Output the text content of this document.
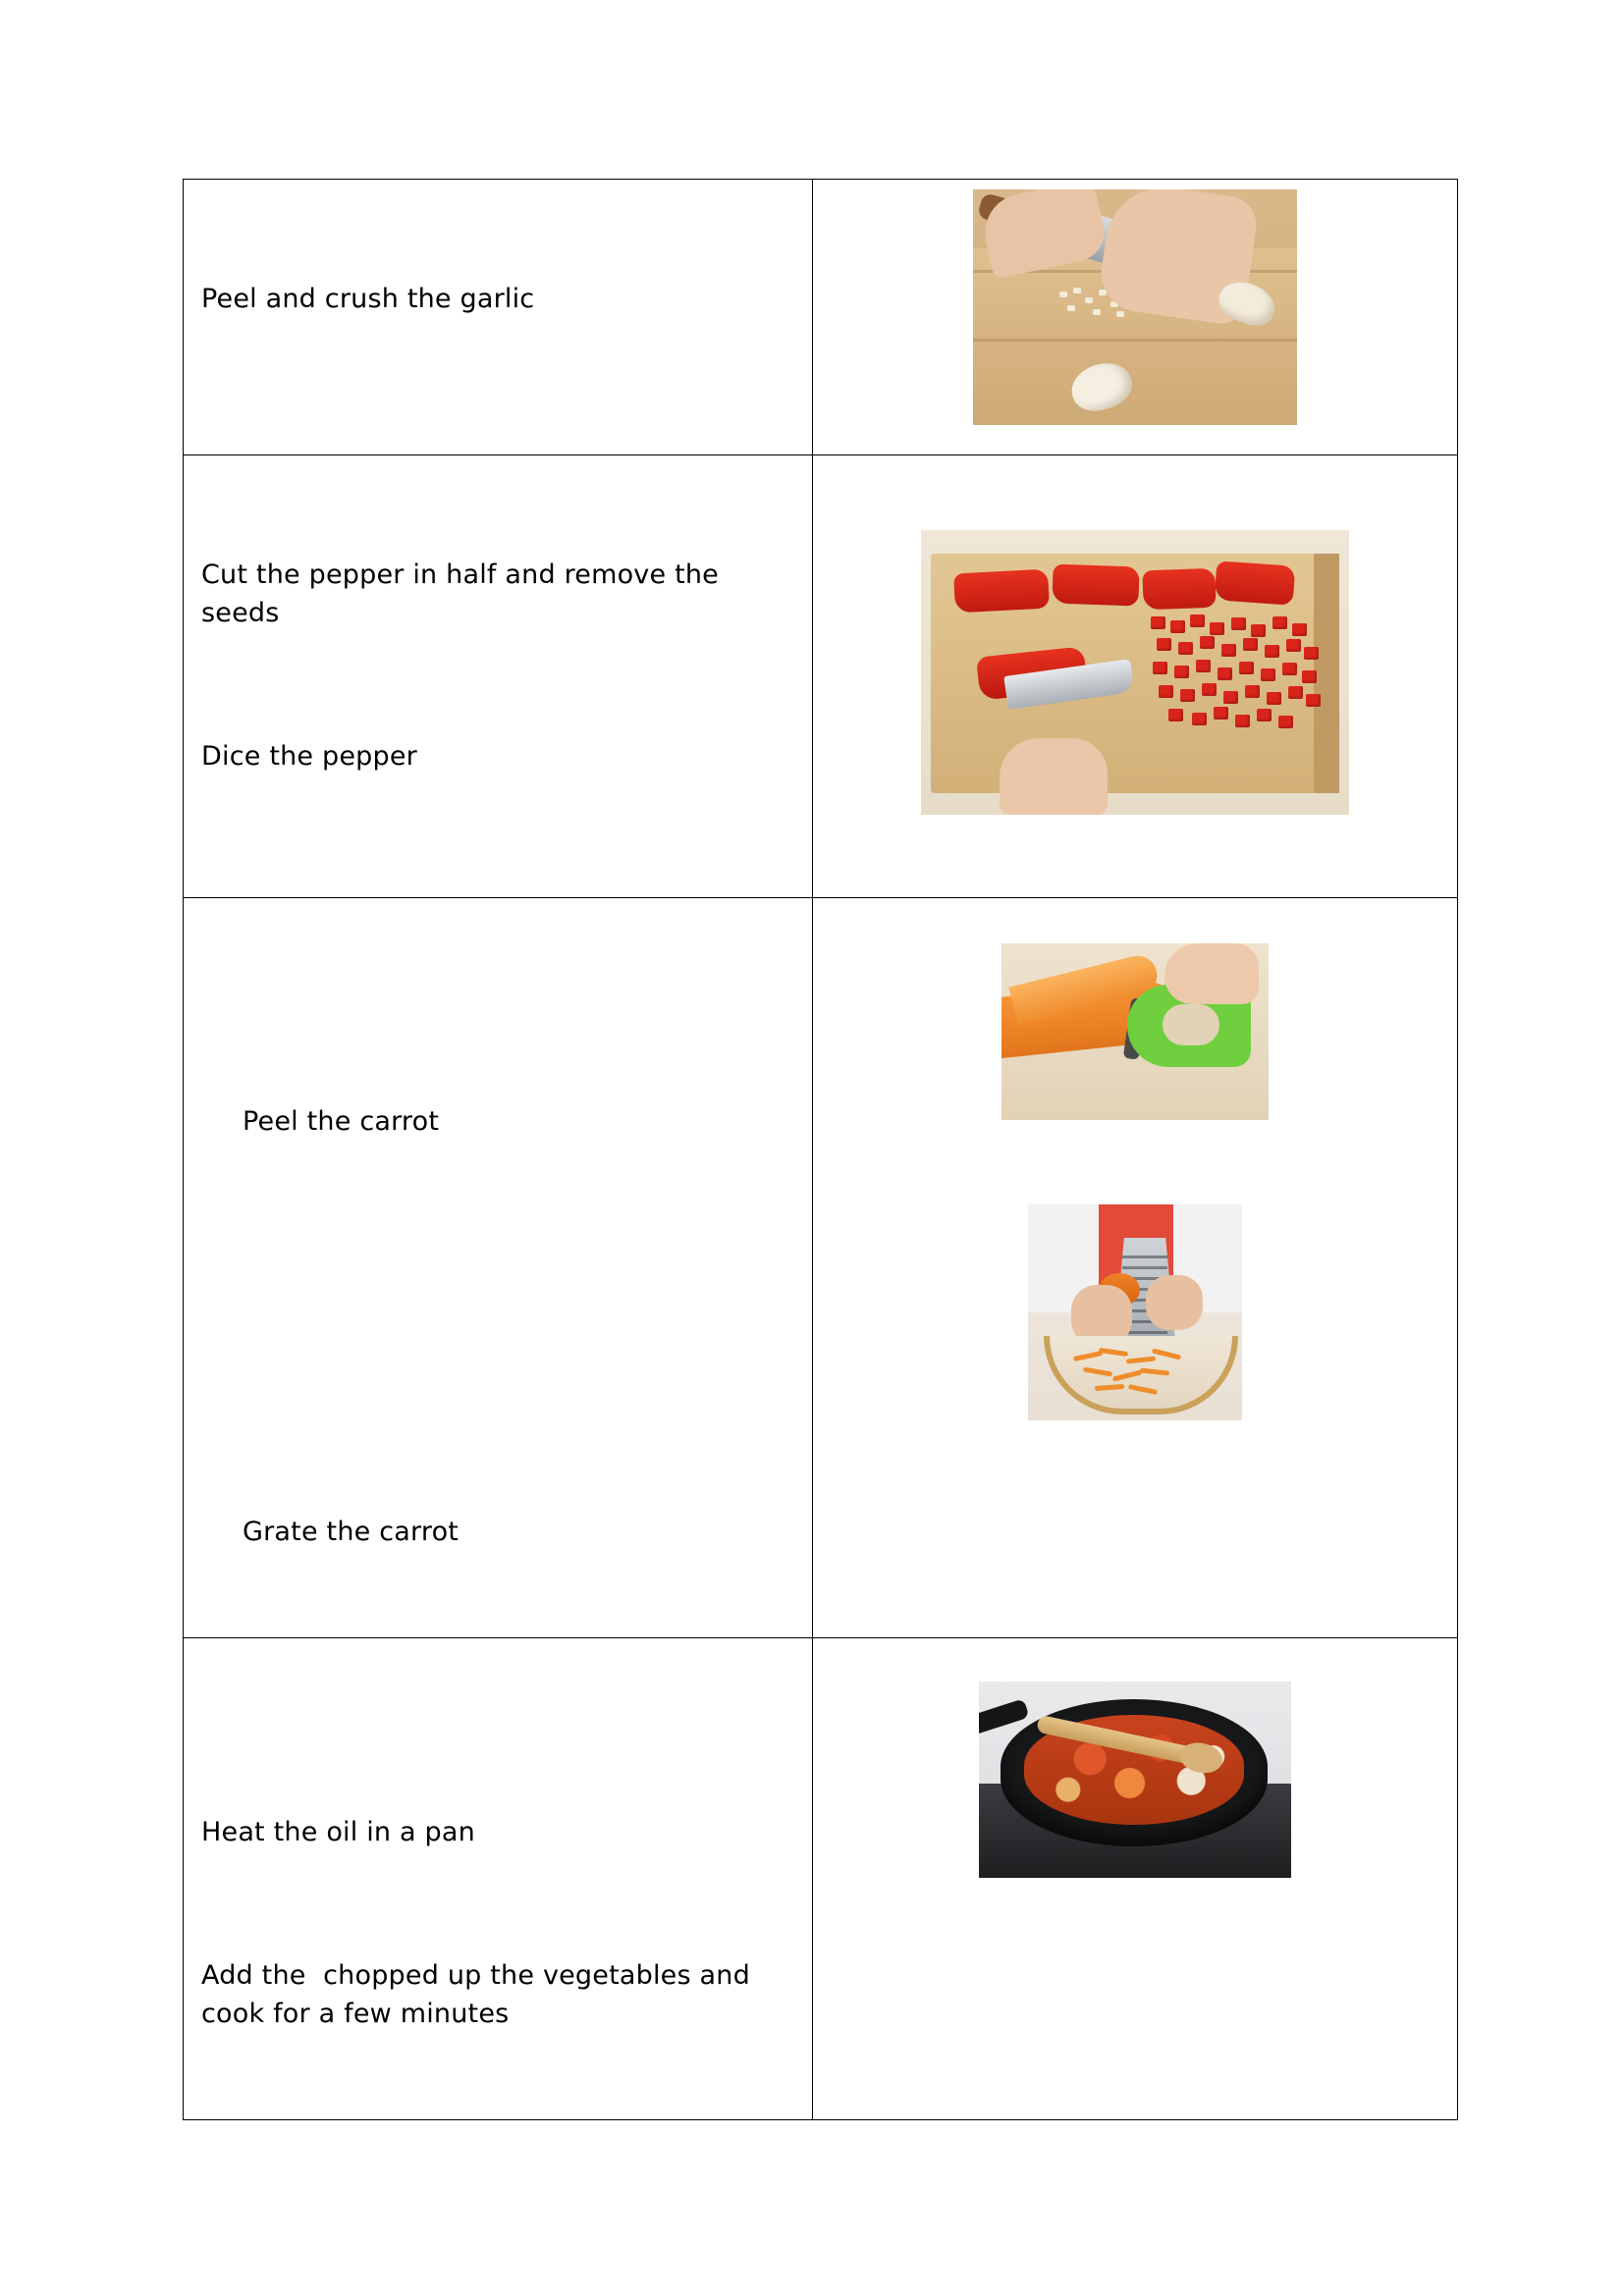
Peel and crush the garlic	

Cut the pepper in half and remove the seeds

Dice the pepper	

Peel the carrot

Grate the carrot	

Heat the oil in a pan

Add the  chopped up the vegetables and cook for a few minutes	
